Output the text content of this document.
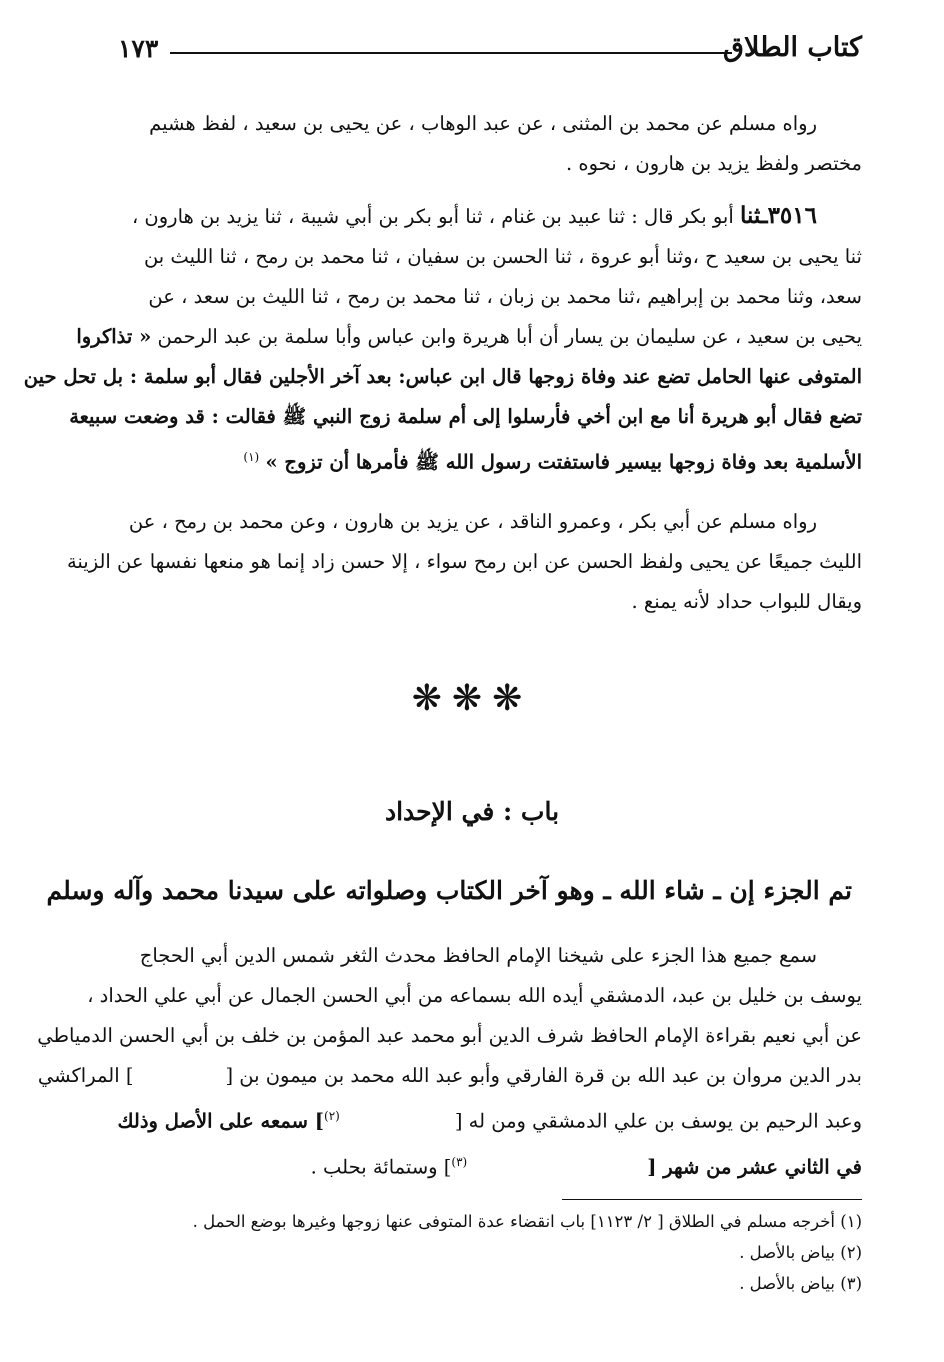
كتاب الطلاق
١٧٣
رواه مسلم عن محمد بن المثنى ، عن عبد الوهاب ، عن يحيى بن سعيد ، لفظ هشيم
مختصر ولفظ يزيد بن هارون ، نحوه .
٣٥١٦ـثنا أبو بكر قال : ثنا عبيد بن غنام ، ثنا أبو بكر بن أبي شيبة ، ثنا يزيد بن هارون ،
ثنا يحيى بن سعيد ح ،وثنا أبو عروة ، ثنا الحسن بن سفيان ، ثنا محمد بن رمح ، ثنا الليث بن
سعد، وثنا محمد بن إبراهيم ،ثنا محمد بن زبان ، ثنا محمد بن رمح ، ثنا الليث بن سعد ، عن
يحيى بن سعيد ، عن سليمان بن يسار أن أبا هريرة وابن عباس وأبا سلمة بن عبد الرحمن « تذاكروا
المتوفى عنها الحامل تضع عند وفاة زوجها قال ابن عباس: بعد آخر الأجلين فقال أبو سلمة : بل تحل حين
تضع فقال أبو هريرة أنا مع ابن أخي فأرسلوا إلى أم سلمة زوج النبي ﷺ فقالت : قد وضعت سبيعة
الأسلمية بعد وفاة زوجها بيسير فاستفتت رسول الله ﷺ فأمرها أن تزوج » $^{(١)}$
رواه مسلم عن أبي بكر ، وعمرو الناقد ، عن يزيد بن هارون ، وعن محمد بن رمح ، عن
الليث جميعًا عن يحيى ولفظ الحسن عن ابن رمح سواء ، إلا حسن زاد إنما هو منعها نفسها عن الزينة
ويقال للبواب حداد لأنه يمنع .
❋❋❋
باب : في الإحداد
تم الجزء إن ـ شاء الله ـ وهو آخر الكتاب وصلواته على سيدنا محمد وآله وسلم
سمع جميع هذا الجزء على شيخنا الإمام الحافظ محدث الثغر شمس الدين أبي الحجاج
يوسف بن خليل بن عبد، الدمشقي أيده الله بسماعه من أبي الحسن الجمال عن أبي علي الحداد ،
عن أبي نعيم بقراءة الإمام الحافظ شرف الدين أبو محمد عبد المؤمن بن خلف بن أبي الحسن الدمياطي
بدر الدين مروان بن عبد الله بن قرة الفارقي وأبو عبد الله محمد بن ميمون بن [] المراكشي
وعبد الرحيم بن يوسف بن علي الدمشقي ومن له [$^{(٢)}$] سمعه على الأصل وذلك
في الثاني عشر من شهر [$^{(٣)}$] وستمائة بحلب .
(١) أخرجه مسلم في الطلاق [ ٢/ ١١٢٣] باب انقضاء عدة المتوفى عنها زوجها وغيرها بوضع الحمل .
(٢) بياض بالأصل .
(٣) بياض بالأصل .
